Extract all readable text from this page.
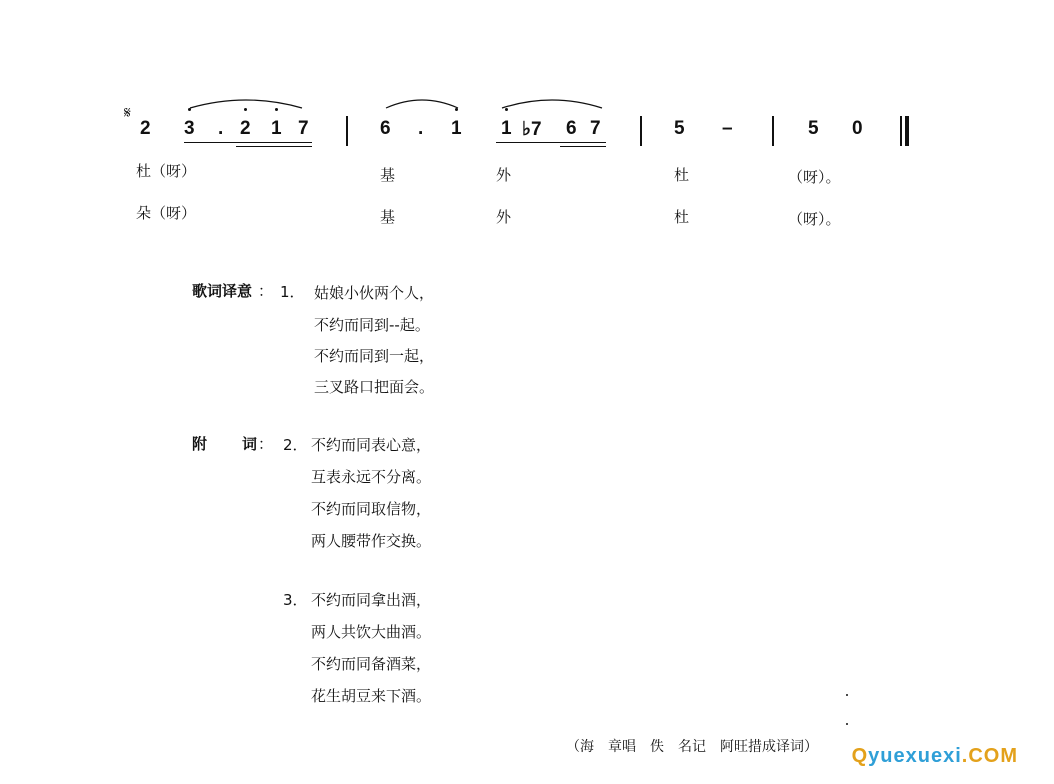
𝄋
2 3 . 2 1 7	6 . 1 1 ♭7 6 7	5 –	5 0
杜（呀）	基	外	杜	（呀）。
朵（呀）	基	外	杜	（呀）。
歌词译意 ： 1． 姑娘小伙两个人，
不约而同到--起。
不约而同到一起，
三叉路口把面会。
附 词 ： 2． 不约而同表心意，
互表永远不分离。
不约而同取信物，
两人腰带作交换。
3． 不约而同拿出酒，
两人共饮大曲酒。
不约而同备酒菜，
花生胡豆来下酒。
（海　章唱　佚　名记　阿旺措成译词） Qyuexuexi.COM
